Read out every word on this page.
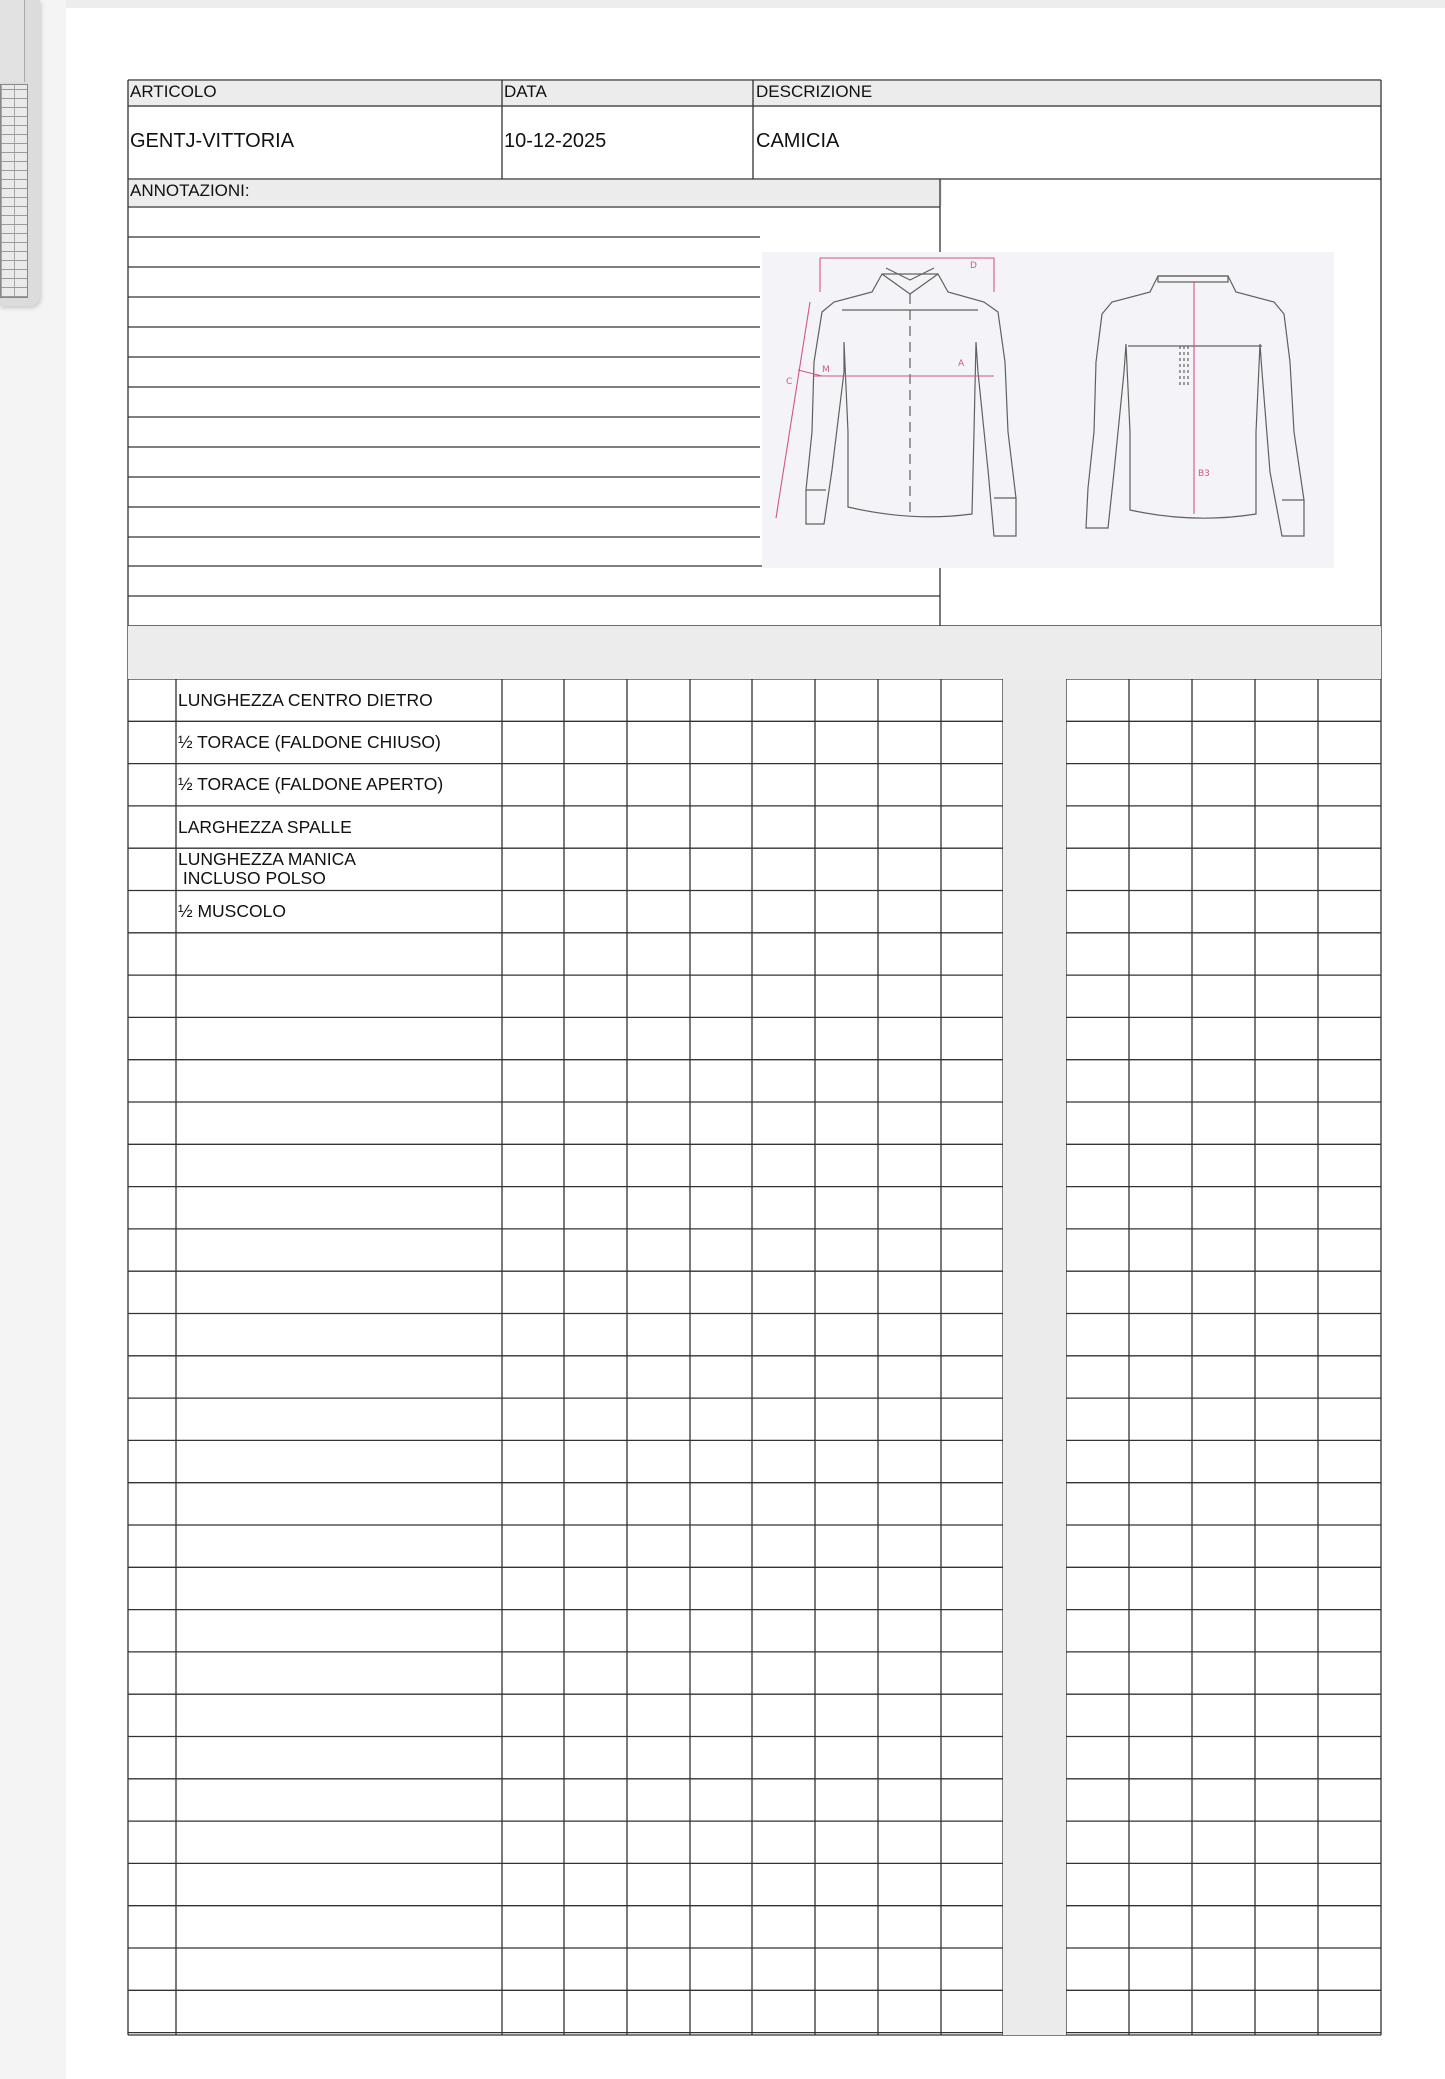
ARTICOLO	DATA	DESCRIZIONE
GENTJ-VITTORIA	10-12-2025	CAMICIA
ANNOTAZIONI:
C
M
A
D
B3
LUNGHEZZA CENTRO DIETRO
½ TORACE (FALDONE CHIUSO)
½ TORACE (FALDONE APERTO)
LARGHEZZA SPALLE
LUNGHEZZA MANICA
INCLUSO POLSO
½ MUSCOLO
